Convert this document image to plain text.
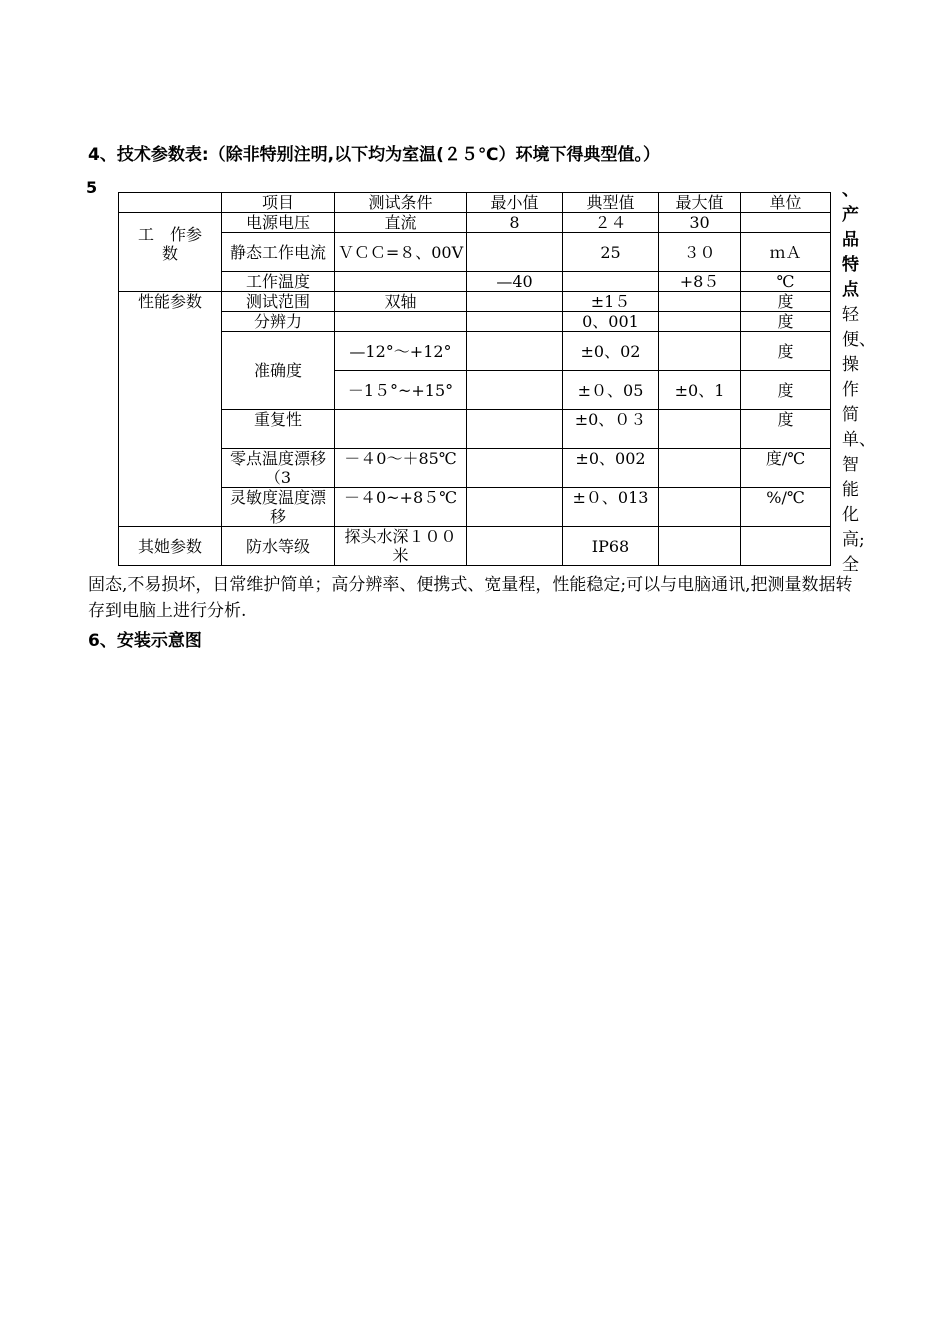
4、技术参数表:（除非特别注明,以下均为室温(２５℃）环境下得典型值。）
5
	项目	测试条件	最小值	典型值	最大值	单位
工　作参　数	电源电压	直流	8	２４	30	
	静态工作电流	ＶＣＣ=８、00V		25	３０	ｍＡ
	工作温度		—40		+8５	℃
性能参数	测试范围	双轴		±1５		度
	分辨力			0、001		度
	准确度	—12°～+12°		±0、02		度
		－1５°~+15°		±０、05	±0、1	度
	重复性			±0、０３		度
	零点温度漂移（3	－４0～＋85℃		±0、002		度/℃
	灵敏度温度漂移	－４0~+8５℃		±０、013		%/℃
其她参数	防水等级	探头水深１００米		IP68		
、
产
品
特
点
轻
便、
操
作
简
单、
智
能
化
高;
全
固态,不易损坏，日常维护简单；高分辨率、便携式、宽量程，性能稳定;可以与电脑通讯,把测量数据转存到电脑上进行分析.
6、安装示意图
